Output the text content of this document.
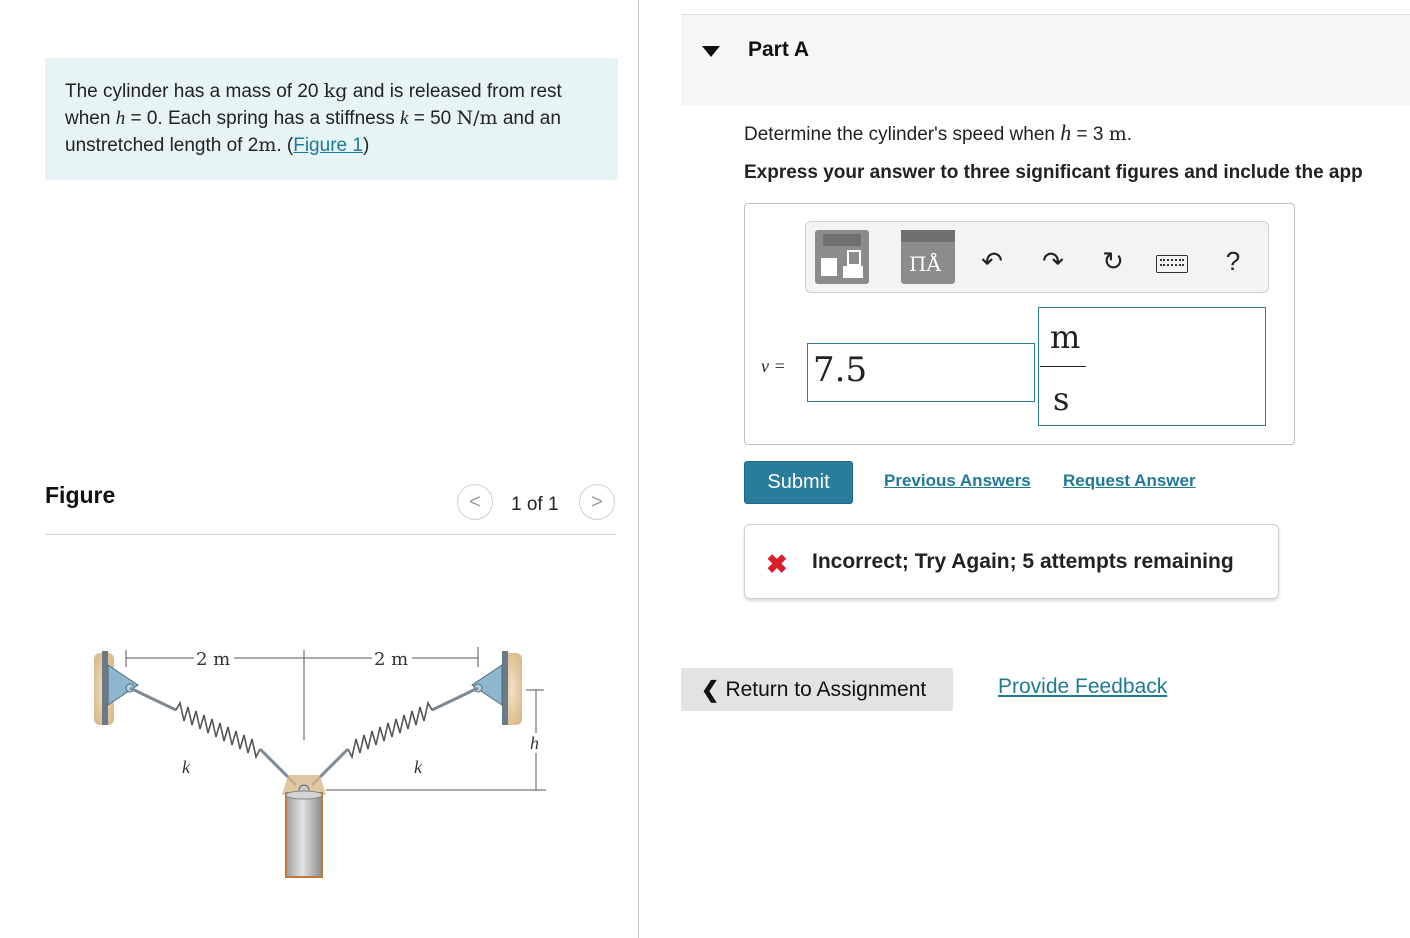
The cylinder has a mass of 20 kg and is released from rest when h = 0. Each spring has a stiffness k = 50 N/m and an unstretched length of 2m. (Figure 1)
Figure	<	1 of 1	>
2 m	2 m
k	k
h
Part A
Determine the cylinder's speed when h = 3 m.
Express your answer to three significant figures and include the app
ΠÅ ↶ ↷ ↻	?
v = 7.5
m
s
Submit	Previous Answers Request Answer
✖ Incorrect; Try Again; 5 attempts remaining
❮ Return to Assignment	Provide Feedback
